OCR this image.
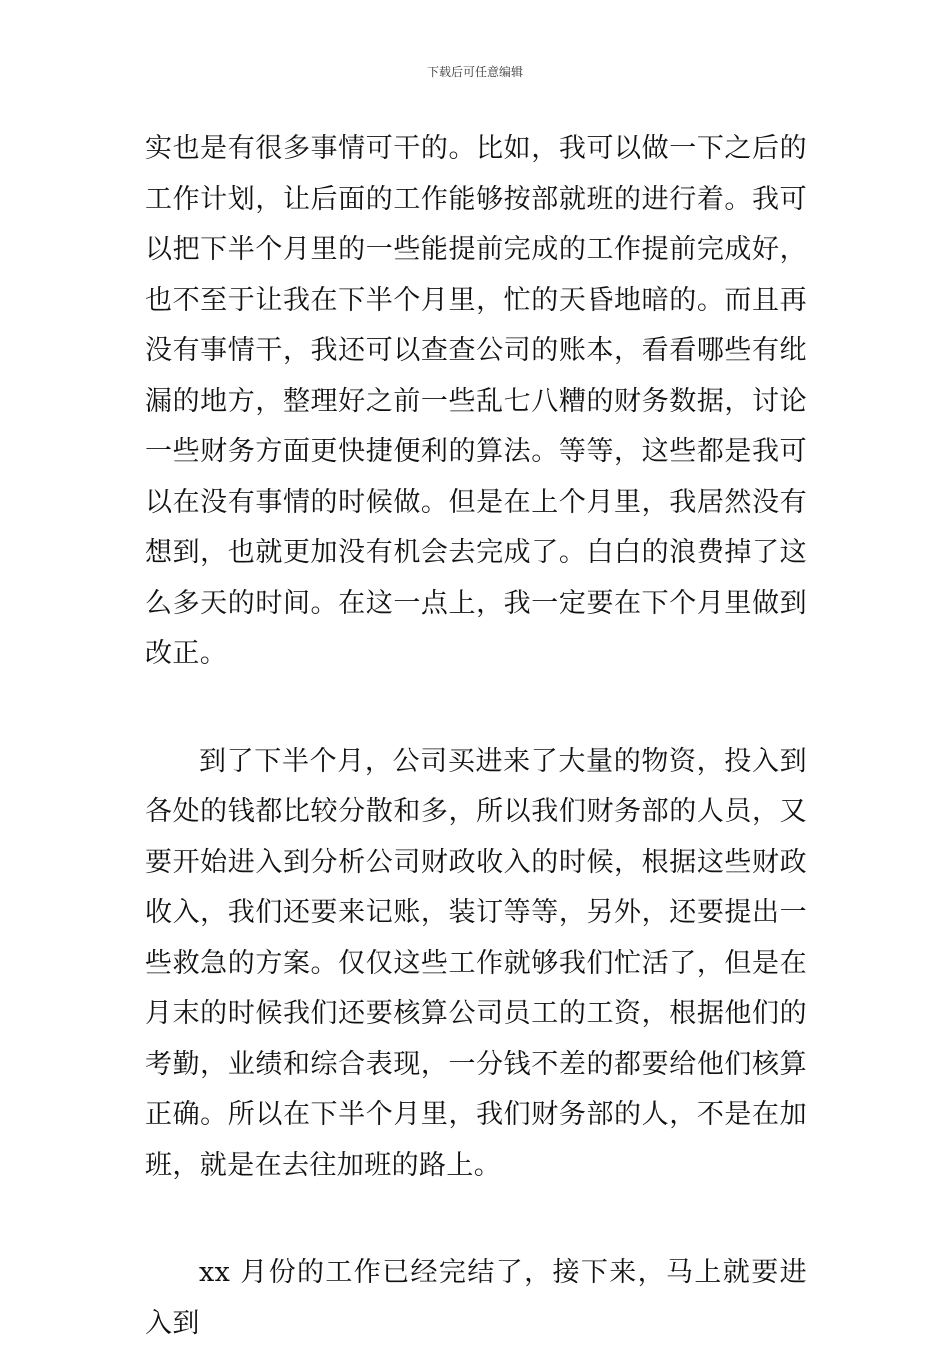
下载后可任意编辑

实也是有很多事情可干的。比如，我可以做一下之后的工作计划，让后面的工作能够按部就班的进行着。我可以把下半个月里的一些能提前完成的工作提前完成好，也不至于让我在下半个月里，忙的天昏地暗的。而且再没有事情干，我还可以查查公司的账本，看看哪些有纰漏的地方，整理好之前一些乱七八糟的财务数据，讨论一些财务方面更快捷便利的算法。等等，这些都是我可以在没有事情的时候做。但是在上个月里，我居然没有想到，也就更加没有机会去完成了。白白的浪费掉了这么多天的时间。在这一点上，我一定要在下个月里做到改正。

到了下半个月，公司买进来了大量的物资，投入到各处的钱都比较分散和多，所以我们财务部的人员，又要开始进入到分析公司财政收入的时候，根据这些财政收入，我们还要来记账，装订等等，另外，还要提出一些救急的方案。仅仅这些工作就够我们忙活了，但是在月末的时候我们还要核算公司员工的工资，根据他们的考勤，业绩和综合表现，一分钱不差的都要给他们核算正确。所以在下半个月里，我们财务部的人，不是在加班，就是在去往加班的路上。

xx 月份的工作已经完结了，接下来，马上就要进入到
